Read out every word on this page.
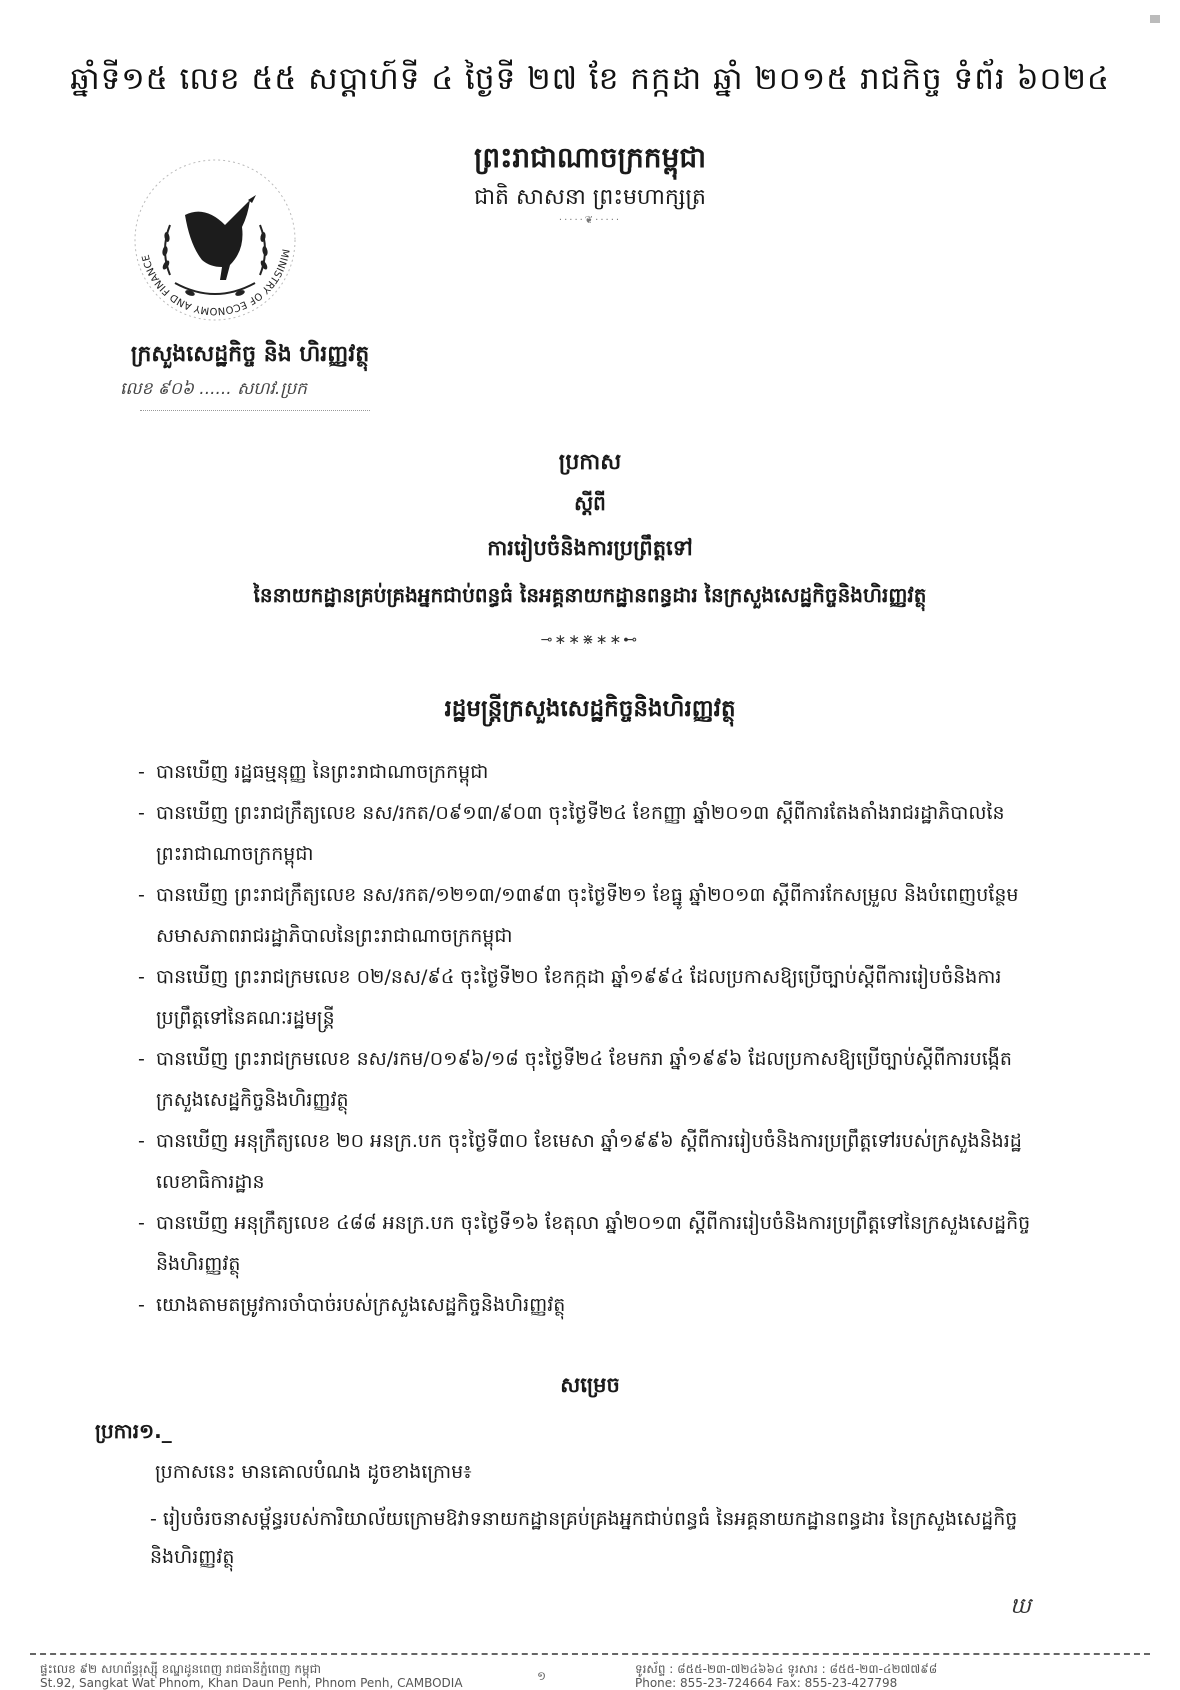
ឆ្នាំទី១៥ លេខ ៥៥ សប្តាហ៍ទី ៤ ថ្ងៃទី ២៧ ខែ កក្កដា ឆ្នាំ ២០១៥ រាជកិច្ច ទំព័រ ៦០២៤
ព្រះរាជាណាចក្រកម្ពុជា
ជាតិ សាសនា ព្រះមហាក្សត្រ
·····❦·····
MINISTRY OF ECONOMY AND FINANCE
ក្រសួងសេដ្ឋកិច្ច និង ហិរញ្ញវត្ថុ
លេខ ៩០៦ ...... សហវ.ប្រក
ប្រកាស
ស្តីពី
ការរៀបចំនិងការប្រព្រឹត្តទៅ
នៃនាយកដ្ឋានគ្រប់គ្រងអ្នកជាប់ពន្ធធំ នៃអគ្គនាយកដ្ឋានពន្ធដារ នៃក្រសួងសេដ្ឋកិច្ចនិងហិរញ្ញវត្ថុ
⊸∗∗⋇∗∗⊷
រដ្ឋមន្ត្រីក្រសួងសេដ្ឋកិច្ចនិងហិរញ្ញវត្ថុ
- បានឃើញ រដ្ឋធម្មនុញ្ញ នៃព្រះរាជាណាចក្រកម្ពុជា
- បានឃើញ ព្រះរាជក្រឹត្យលេខ នស/រកត/០៩១៣/៩០៣ ចុះថ្ងៃទី២៤ ខែកញ្ញា ឆ្នាំ២០១៣ ស្តីពីការតែងតាំងរាជរដ្ឋាភិបាលនៃព្រះរាជាណាចក្រកម្ពុជា
- បានឃើញ ព្រះរាជក្រឹត្យលេខ នស/រកត/១២១៣/១៣៩៣ ចុះថ្ងៃទី២១ ខែធ្នូ ឆ្នាំ២០១៣ ស្តីពីការកែសម្រួល និងបំពេញបន្ថែមសមាសភាពរាជរដ្ឋាភិបាលនៃព្រះរាជាណាចក្រកម្ពុជា
- បានឃើញ ព្រះរាជក្រមលេខ ០២/នស/៩៤ ចុះថ្ងៃទី២០ ខែកក្កដា ឆ្នាំ១៩៩៤ ដែលប្រកាសឱ្យប្រើច្បាប់ស្តីពីការរៀបចំនិងការប្រព្រឹត្តទៅនៃគណៈរដ្ឋមន្ត្រី
- បានឃើញ ព្រះរាជក្រមលេខ នស/រកម/០១៩៦/១៨ ចុះថ្ងៃទី២៤ ខែមករា ឆ្នាំ១៩៩៦ ដែលប្រកាសឱ្យប្រើច្បាប់ស្តីពីការបង្កើតក្រសួងសេដ្ឋកិច្ចនិងហិរញ្ញវត្ថុ
- បានឃើញ អនុក្រឹត្យលេខ ២០ អនក្រ.បក ចុះថ្ងៃទី៣០ ខែមេសា ឆ្នាំ១៩៩៦ ស្តីពីការរៀបចំនិងការប្រព្រឹត្តទៅរបស់ក្រសួងនិងរដ្ឋលេខាធិការដ្ឋាន
- បានឃើញ អនុក្រឹត្យលេខ ៤៨៨ អនក្រ.បក ចុះថ្ងៃទី១៦ ខែតុលា ឆ្នាំ២០១៣ ស្តីពីការរៀបចំនិងការប្រព្រឹត្តទៅនៃក្រសួងសេដ្ឋកិច្ចនិងហិរញ្ញវត្ថុ
- យោងតាមតម្រូវការចាំបាច់របស់ក្រសួងសេដ្ឋកិច្ចនិងហិរញ្ញវត្ថុ
សម្រេច
ប្រការ១._
ប្រកាសនេះ មានគោលបំណង ដូចខាងក្រោម៖
- រៀបចំរចនាសម្ព័ន្ធរបស់ការិយាល័យក្រោមឱវាទនាយកដ្ឋានគ្រប់គ្រងអ្នកជាប់ពន្ធធំ នៃអគ្គនាយកដ្ឋានពន្ធដារ នៃក្រសួងសេដ្ឋកិច្ចនិងហិរញ្ញវត្ថុ
ឃ
ផ្ទះលេខ ៩២ សហព័ន្ធរុស្ស៊ី ខណ្ឌដូនពេញ រាជធានីភ្នំពេញ កម្ពុជា
St.92, Sangkat Wat Phnom, Khan Daun Penh, Phnom Penh, CAMBODIA	១	ទូរស័ព្ទ : ៨៥៥-២៣-៧២៤៦៦៤ ទូរសារ : ៨៥៥-២៣-៤២៧៧៩៨
Phone: 855-23-724664 Fax: 855-23-427798
